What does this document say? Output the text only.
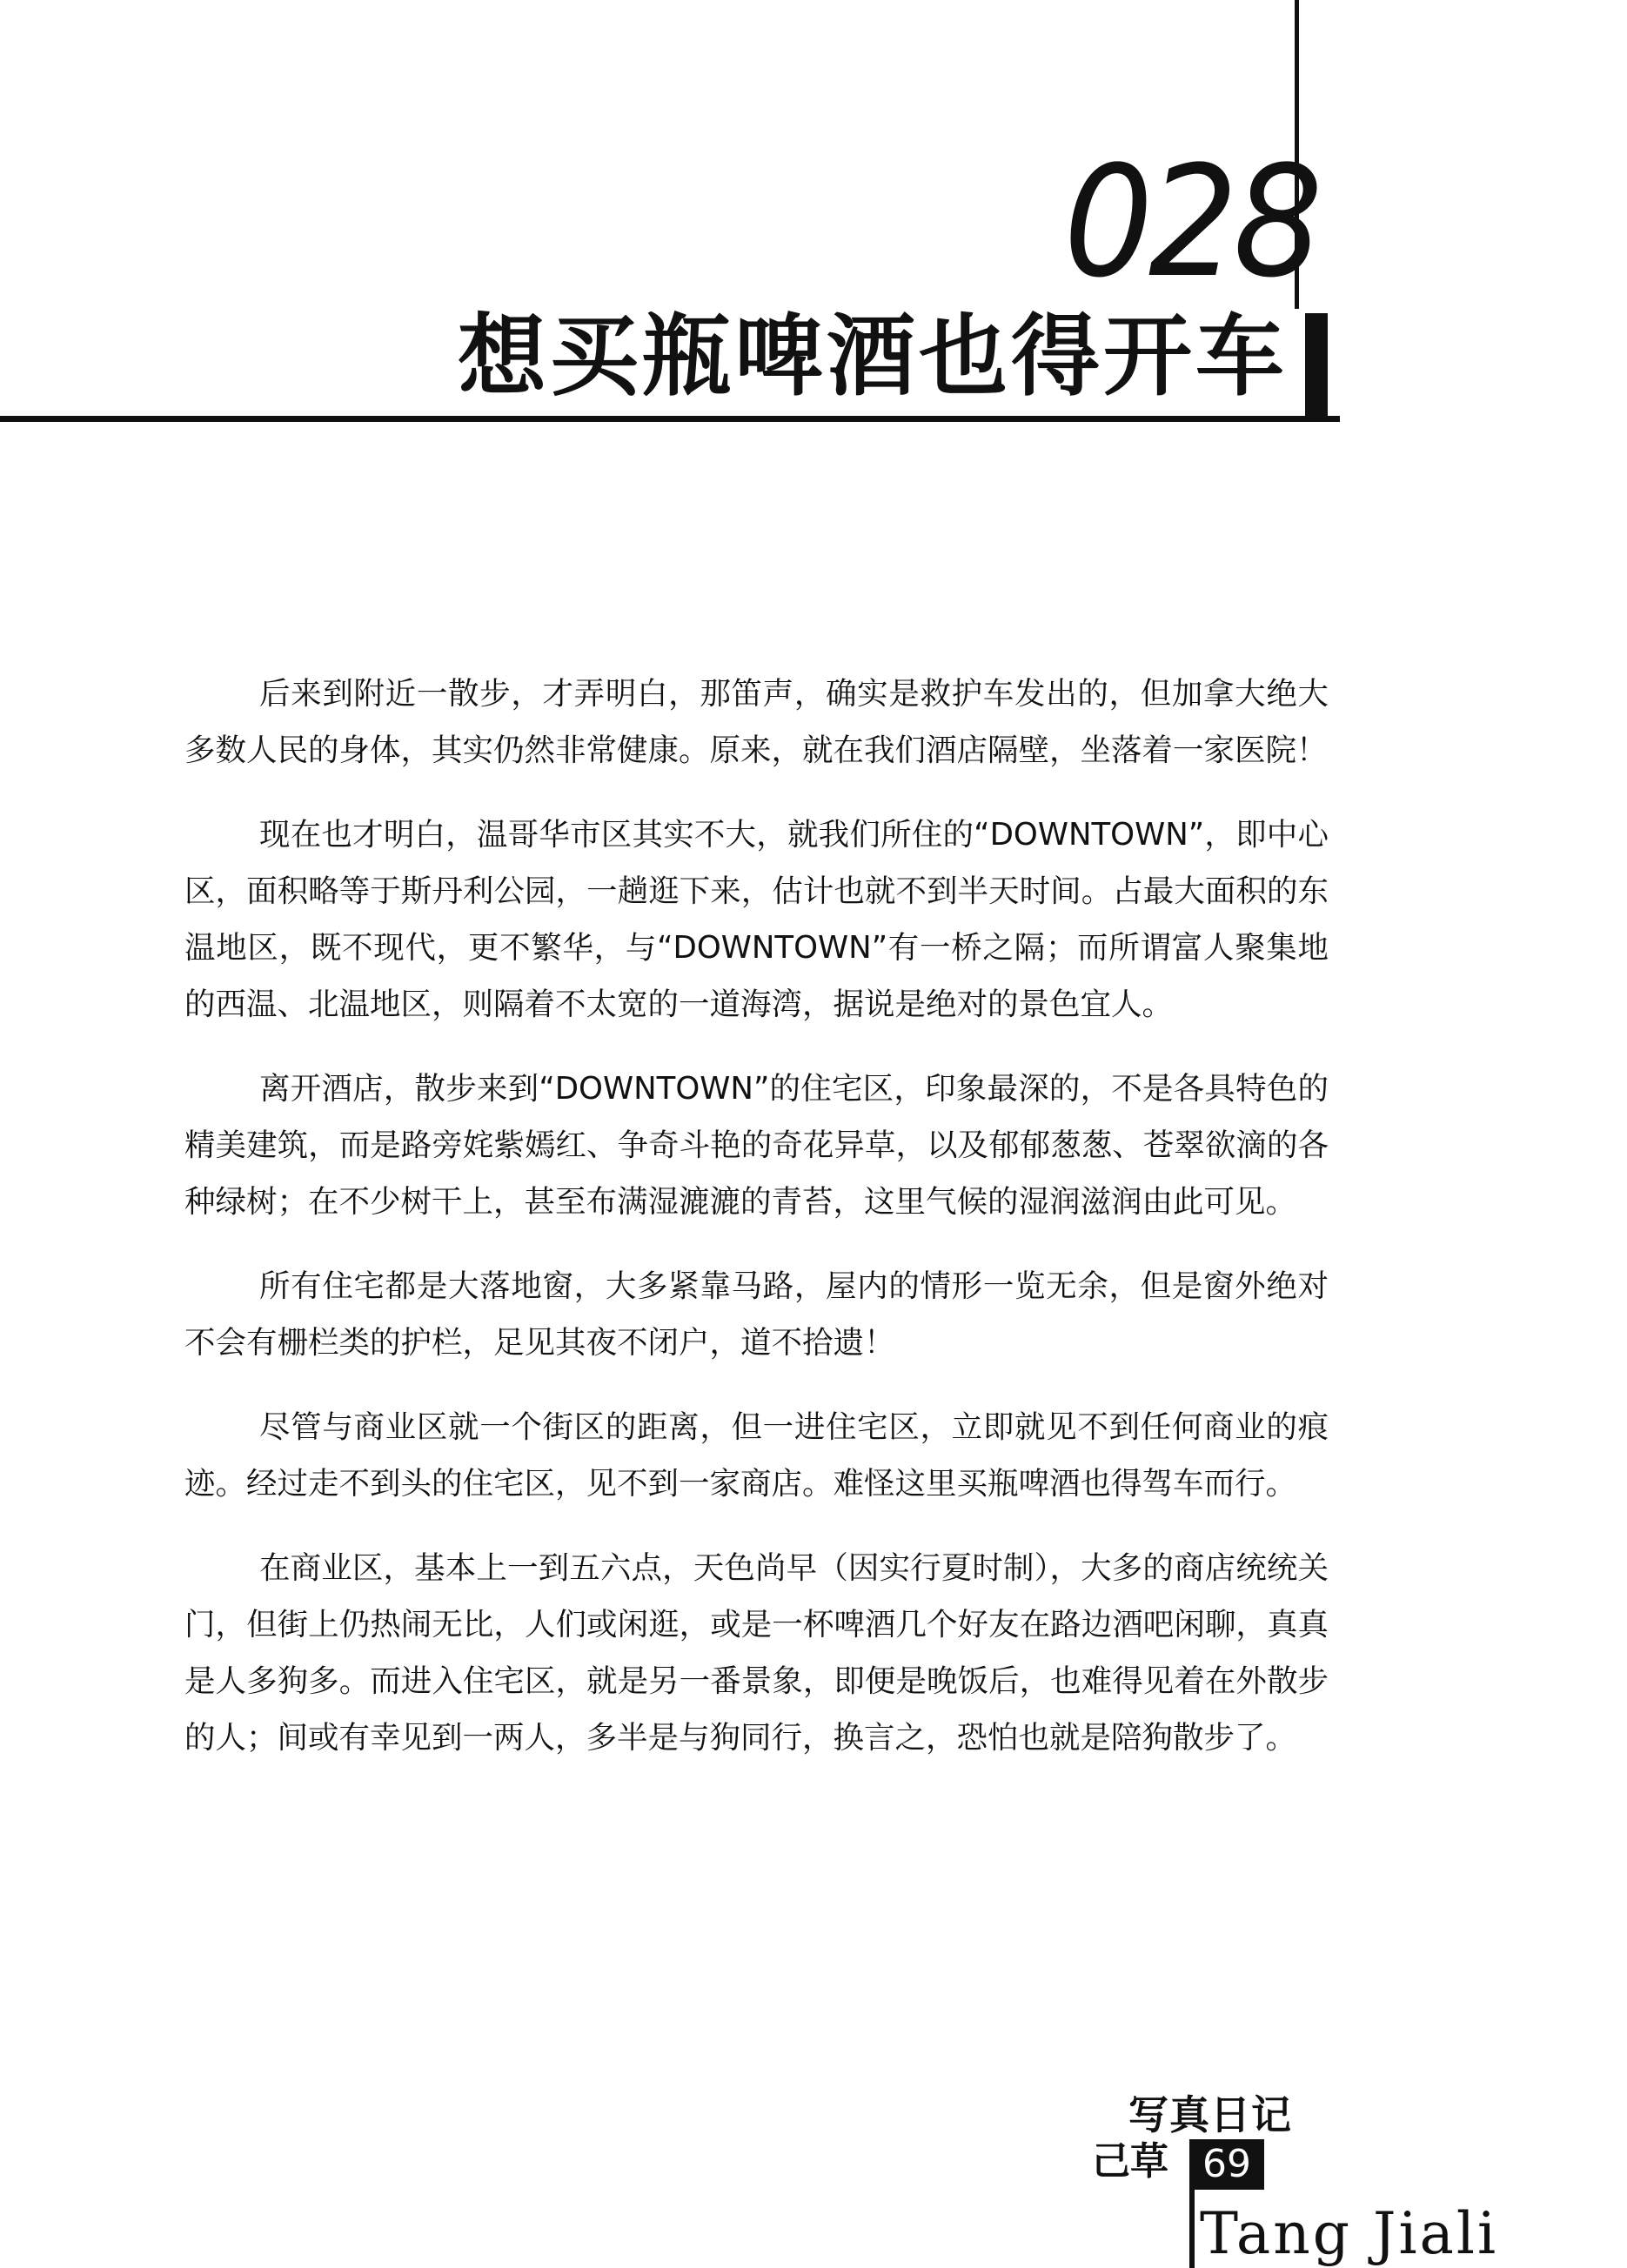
028
想买瓶啤酒也得开车

后来到附近一散步，才弄明白，那笛声，确实是救护车发出的，但加拿大绝大多数人民的身体，其实仍然非常健康。原来，就在我们酒店隔壁，坐落着一家医院！

现在也才明白，温哥华市区其实不大，就我们所住的“DOWNTOWN”，即中心区，面积略等于斯丹利公园，一趟逛下来，估计也就不到半天时间。占最大面积的东温地区，既不现代，更不繁华，与“DOWNTOWN”有一桥之隔；而所谓富人聚集地的西温、北温地区，则隔着不太宽的一道海湾，据说是绝对的景色宜人。

离开酒店，散步来到“DOWNTOWN”的住宅区，印象最深的，不是各具特色的精美建筑，而是路旁姹紫嫣红、争奇斗艳的奇花异草，以及郁郁葱葱、苍翠欲滴的各种绿树；在不少树干上，甚至布满湿漉漉的青苔，这里气候的湿润滋润由此可见。

所有住宅都是大落地窗，大多紧靠马路，屋内的情形一览无余，但是窗外绝对不会有栅栏类的护栏，足见其夜不闭户，道不拾遗！

尽管与商业区就一个街区的距离，但一进住宅区，立即就见不到任何商业的痕迹。经过走不到头的住宅区，见不到一家商店。难怪这里买瓶啤酒也得驾车而行。

在商业区，基本上一到五六点，天色尚早（因实行夏时制），大多的商店统统关门，但街上仍热闹无比，人们或闲逛，或是一杯啤酒几个好友在路边酒吧闲聊，真真是人多狗多。而进入住宅区，就是另一番景象，即便是晚饭后，也难得见着在外散步的人；间或有幸见到一两人，多半是与狗同行，换言之，恐怕也就是陪狗散步了。

写真日记
己草 69
Tang Jiali
